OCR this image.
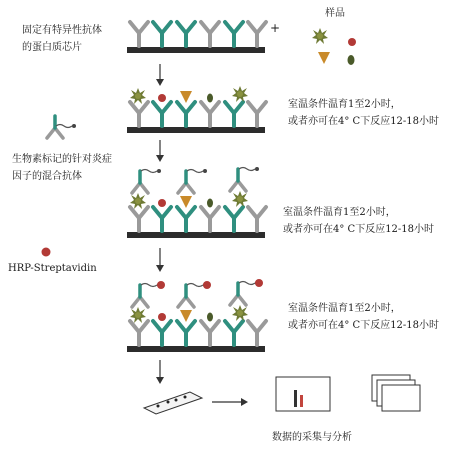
固定有特异性抗体
的蛋白质芯片
+
样品
室温条件温育1至2小时，
或者亦可在4° C下反应12-18小时
生物素标记的针对炎症
因子的混合抗体
室温条件温育1至2小时，
或者亦可在4° C下反应12-18小时
HRP-Streptavidin
室温条件温育1至2小时，
或者亦可在4° C下反应12-18小时
数据的采集与分析
